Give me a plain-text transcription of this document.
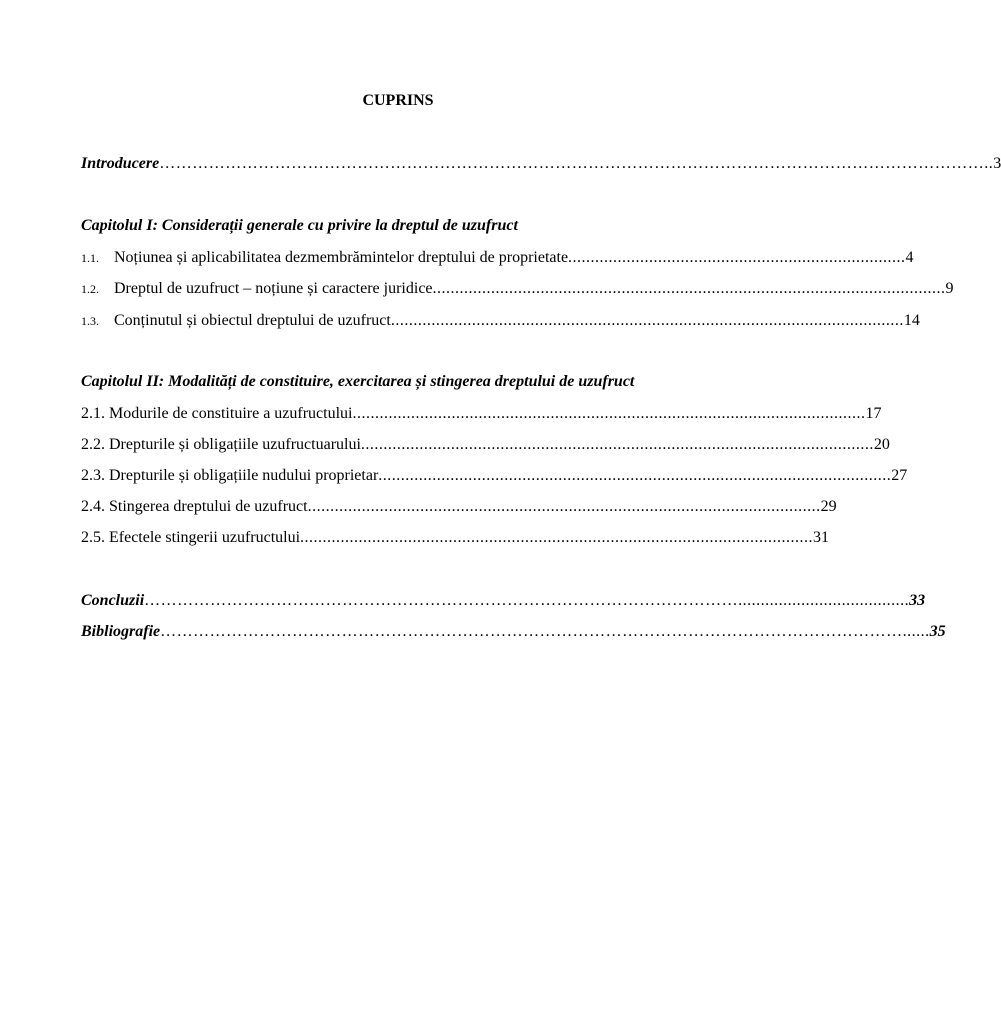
CUPRINS
Introducere …………………………………………………………………………………………………………………………………….. 3
Capitolul I: Considerații generale cu privire la dreptul de uzufruct
1.1. Noțiunea și aplicabilitatea dezmembrămintelor dreptului de proprietate ........................................................................... 4
1.2. Dreptul de uzufruct – noțiune și caractere juridice .................................................................................................................. 9
1.3. Conținutul și obiectul dreptului de uzufruct .................................................................................................................. 14
Capitolul II: Modalități de constituire, exercitarea și stingerea dreptului de uzufruct
2.1. Modurile de constituire a uzufructului .................................................................................................................. 17
2.2. Drepturile și obligațiile uzufructuarului .................................................................................................................. 20
2.3. Drepturile și obligațiile nudului proprietar .................................................................................................................. 27
2.4. Stingerea dreptului de uzufruct .................................................................................................................. 29
2.5. Efectele stingerii uzufructului .................................................................................................................. 31
Concluzii ………………………………………………………………………………………………...................................... 33
Bibliografie ………………………………………………………………………………………………………………………...... 35
